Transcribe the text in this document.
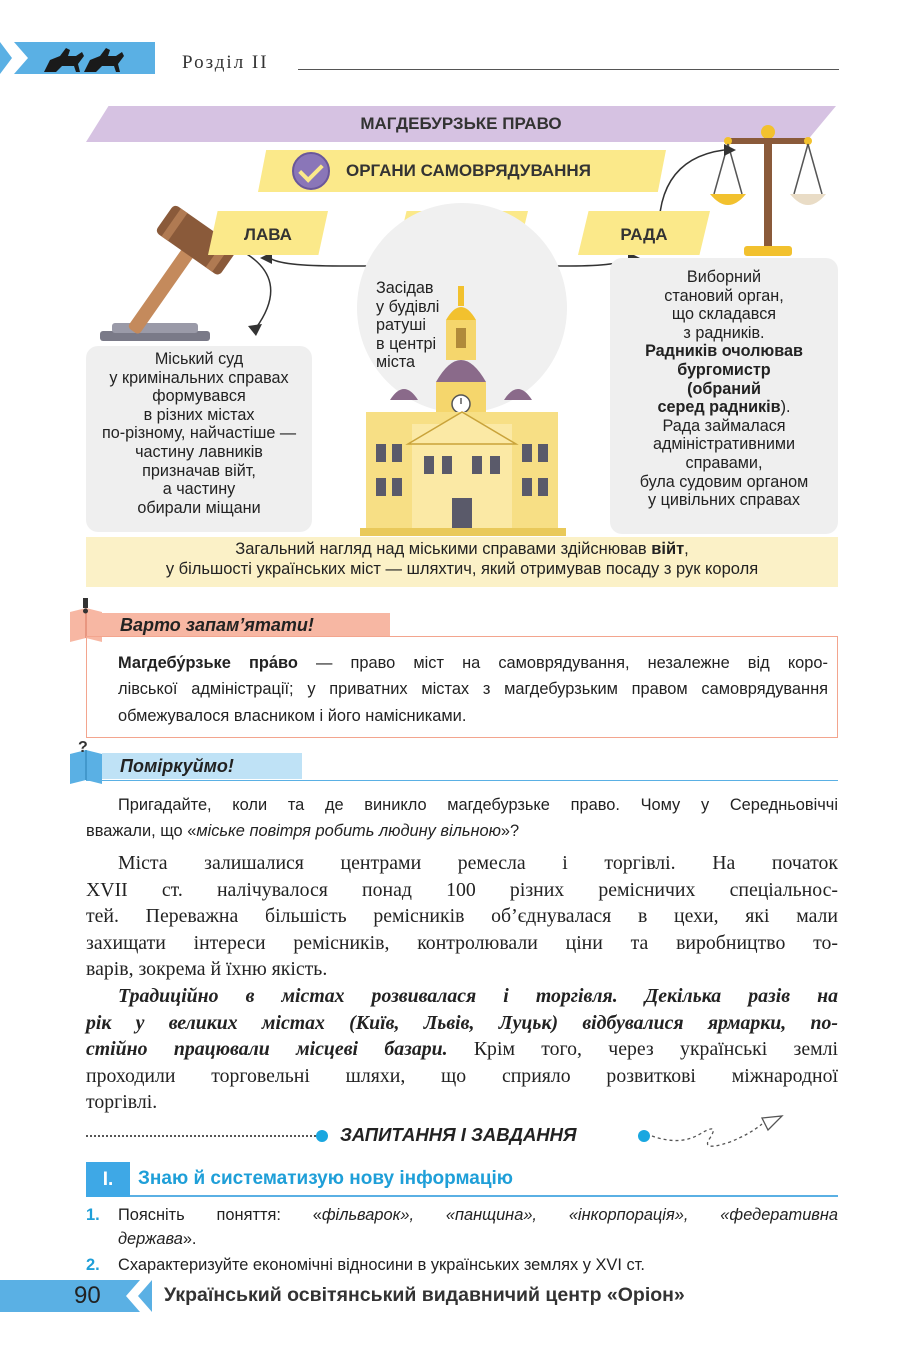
Розділ II
МАГДЕБУРЗЬКЕ ПРАВО
ОРГАНИ САМОВРЯДУВАННЯ
ЛАВА	РАДА
Міський суд
у кримінальних справах
формувався
в різних містах
по-різному, найчастіше —
частину лавників
призначав війт,
а частину
обирали міщани
Засідав
у будівлі
ратуші
в центрі
міста
Виборний
становий орган,
що складався
з радників.
Радників очолював
бургомистр
(обраний
серед радників).
Рада займалася
адміністративними
справами,
була судовим органом
у цивільних справах
Загальний нагляд над міськими справами здійснював війт,
у більшості українських міст — шляхтич, який отримував посаду з рук короля
Варто запам’ятати!
Магдебу́рзьке пра́во — право міст на самоврядування, незалежне від коро-
лівської адміністрації; у приватних містах з магдебурзьким правом самоврядування
обмежувалося власником і його намісниками.
?
Поміркуймо!
Пригадайте, коли та де виникло магдебурзьке право. Чому у Середньовіччі
вважали, що «міське повітря робить людину вільною»?
Міста залишалися центрами ремесла і торгівлі. На початок
XVII ст. налічувалося понад 100 різних ремісничих спеціальнос-
тей. Переважна більшість ремісників об’єднувалася в цехи, які мали
захищати інтереси ремісників, контролювали ціни та виробництво то-
варів, зокрема й їхню якість.
Традиційно в містах розвивалася і торгівля. Декілька разів на
рік у великих містах (Київ, Львів, Луцьк) відбувалися ярмарки, по-
стійно працювали місцеві базари. Крім того, через українські землі
проходили торговельні шляхи, що сприяло розвиткові міжнародної
торгівлі.
ЗАПИТАННЯ І ЗАВДАННЯ
I.	Знаю й систематизую нову інформацію
1. Поясніть поняття: «фільварок», «панщина», «інкорпорація», «федеративна
держава».
2. Схарактеризуйте економічні відносини в українських землях у XVI ст.
90	Український освітянський видавничий центр «Оріон»
